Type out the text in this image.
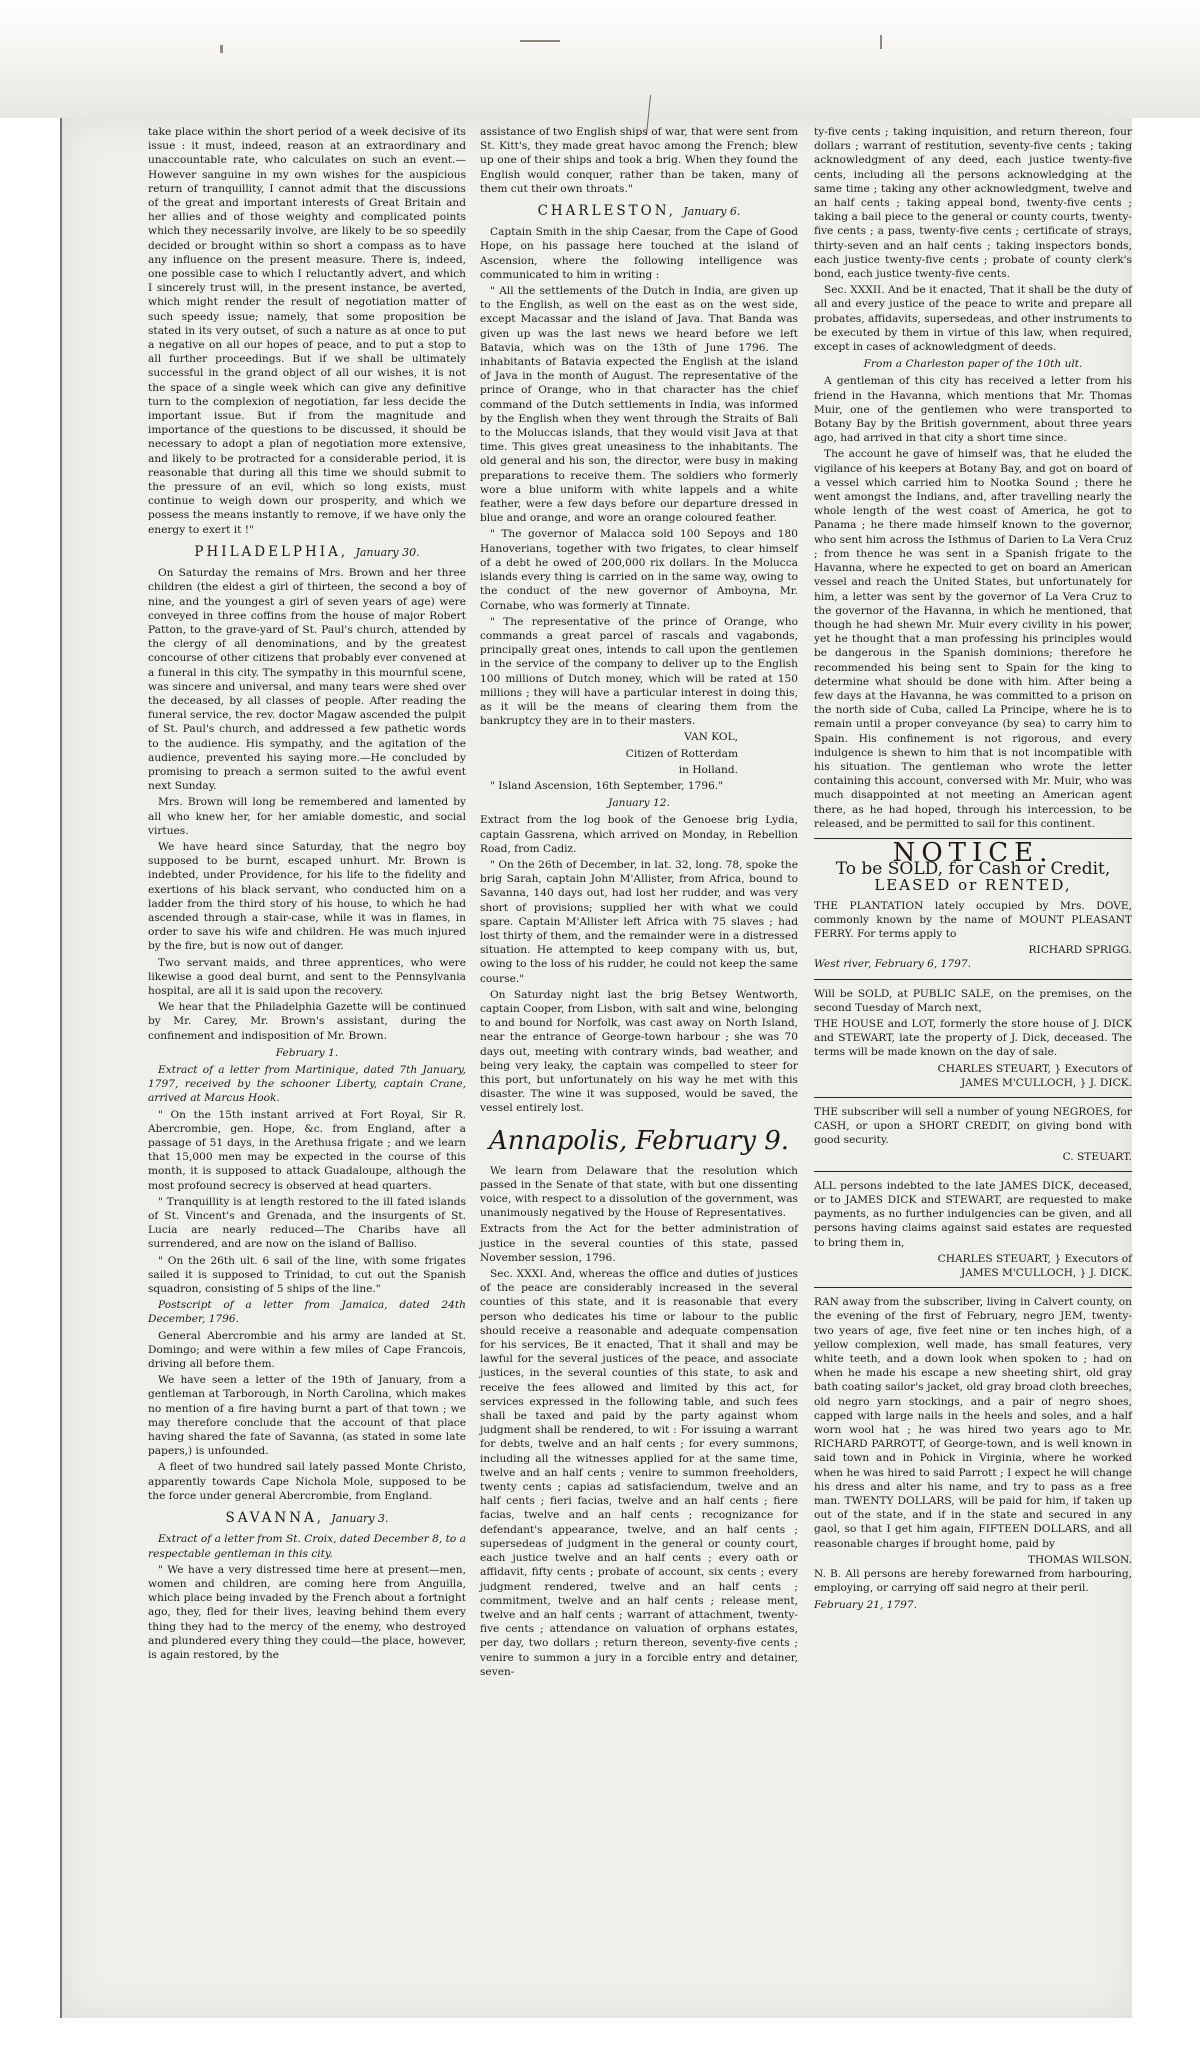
take place within the short period of a week decisive of its issue : it must, indeed, reason at an extraordinary and unaccountable rate, who calculates on such an event.— However sanguine in my own wishes for the auspicious return of tranquillity, I cannot admit that the discussions of the great and important interests of Great Britain and her allies and of those weighty and complicated points which they necessarily involve, are likely to be so speedily decided or brought within so short a compass as to have any influence on the present measure. There is, indeed, one possible case to which I reluctantly advert, and which I sincerely trust will, in the present instance, be averted, which might render the result of negotiation matter of such speedy issue; namely, that some proposition be stated in its very outset, of such a nature as at once to put a negative on all our hopes of peace, and to put a stop to all further proceedings. But if we shall be ultimately successful in the grand object of all our wishes, it is not the space of a single week which can give any definitive turn to the complexion of negotiation, far less decide the important issue. But if from the magnitude and importance of the questions to be discussed, it should be necessary to adopt a plan of negotiation more extensive, and likely to be protracted for a considerable period, it is reasonable that during all this time we should submit to the pressure of an evil, which so long exists, must continue to weigh down our prosperity, and which we possess the means instantly to remove, if we have only the energy to exert it !"

PHILADELPHIA, January 30.

On Saturday the remains of Mrs. Brown and her three children (the eldest a girl of thirteen, the second a boy of nine, and the youngest a girl of seven years of age) were conveyed in three coffins from the house of major Robert Patton, to the grave-yard of St. Paul's church, attended by the clergy of all denominations, and by the greatest concourse of other citizens that probably ever convened at a funeral in this city. The sympathy in this mournful scene, was sincere and universal, and many tears were shed over the deceased, by all classes of people. After reading the funeral service, the rev. doctor Magaw ascended the pulpit of St. Paul's church, and addressed a few pathetic words to the audience. His sympathy, and the agitation of the audience, prevented his saying more.—He concluded by promising to preach a sermon suited to the awful event next Sunday.

Mrs. Brown will long be remembered and lamented by all who knew her, for her amiable domestic, and social virtues.

We have heard since Saturday, that the negro boy supposed to be burnt, escaped unhurt. Mr. Brown is indebted, under Providence, for his life to the fidelity and exertions of his black servant, who conducted him on a ladder from the third story of his house, to which he had ascended through a stair-case, while it was in flames, in order to save his wife and children. He was much injured by the fire, but is now out of danger.

Two servant maids, and three apprentices, who were likewise a good deal burnt, and sent to the Pennsylvania hospital, are all it is said upon the recovery.

We hear that the Philadelphia Gazette will be continued by Mr. Carey, Mr. Brown's assistant, during the confinement and indisposition of Mr. Brown.

February 1.

Extract of a letter from Martinique, dated 7th January, 1797, received by the schooner Liberty, captain Crane, arrived at Marcus Hook.

" On the 15th instant arrived at Fort Royal, Sir R. Abercrombie, gen. Hope, &c. from England, after a passage of 51 days, in the Arethusa frigate ; and we learn that 15,000 men may be expected in the course of this month, it is supposed to attack Guadaloupe, although the most profound secrecy is observed at head quarters.

" Tranquillity is at length restored to the ill fated islands of St. Vincent's and Grenada, and the insurgents of St. Lucia are nearly reduced—The Charibs have all surrendered, and are now on the island of Balliso.

" On the 26th ult. 6 sail of the line, with some frigates sailed it is supposed to Trinidad, to cut out the Spanish squadron, consisting of 5 ships of the line."

Postscript of a letter from Jamaica, dated 24th December, 1796.

General Abercrombie and his army are landed at St. Domingo; and were within a few miles of Cape Francois, driving all before them.

We have seen a letter of the 19th of January, from a gentleman at Tarborough, in North Carolina, which makes no mention of a fire having burnt a part of that town ; we may therefore conclude that the account of that place having shared the fate of Savanna, (as stated in some late papers,) is unfounded.

A fleet of two hundred sail lately passed Monte Christo, apparently towards Cape Nichola Mole, supposed to be the force under general Abercrombie, from England.

SAVANNA, January 3.

Extract of a letter from St. Croix, dated December 8, to a respectable gentleman in this city.

" We have a very distressed time here at present—men, women and children, are coming here from Anguilla, which place being invaded by the French about a fortnight ago, they, fled for their lives, leaving behind them every thing they had to the mercy of the enemy, who destroyed and plundered every thing they could—the place, however, is again restored, by the

assistance of two English ships of war, that were sent from St. Kitt's, they made great havoc among the French; blew up one of their ships and took a brig. When they found the English would conquer, rather than be taken, many of them cut their own throats."

CHARLESTON, January 6.

Captain Smith in the ship Caesar, from the Cape of Good Hope, on his passage here touched at the island of Ascension, where the following intelligence was communicated to him in writing :

" All the settlements of the Dutch in India, are given up to the English, as well on the east as on the west side, except Macassar and the island of Java. That Banda was given up was the last news we heard before we left Batavia, which was on the 13th of June 1796. The inhabitants of Batavia expected the English at the island of Java in the month of August. The representative of the prince of Orange, who in that character has the chief command of the Dutch settlements in India, was informed by the English when they went through the Straits of Bali to the Moluccas islands, that they would visit Java at that time. This gives great uneasiness to the inhabitants. The old general and his son, the director, were busy in making preparations to receive them. The soldiers who formerly wore a blue uniform with white lappels and a white feather, were a few days before our departure dressed in blue and orange, and wore an orange coloured feather.

" The governor of Malacca sold 100 Sepoys and 180 Hanoverians, together with two frigates, to clear himself of a debt he owed of 200,000 rix dollars. In the Molucca islands every thing is carried on in the same way, owing to the conduct of the new governor of Amboyna, Mr. Cornabe, who was formerly at Tinnate.

" The representative of the prince of Orange, who commands a great parcel of rascals and vagabonds, principally great ones, intends to call upon the gentlemen in the service of the company to deliver up to the English 100 millions of Dutch money, which will be rated at 150 millions ; they will have a particular interest in doing this, as it will be the means of clearing them from the bankruptcy they are in to their masters.

VAN KOL,
Citizen of Rotterdam
in Holland.

" Island Ascension, 16th September, 1796."

January 12.

Extract from the log book of the Genoese brig Lydia, captain Gassrena, which arrived on Monday, in Rebellion Road, from Cadiz.

" On the 26th of December, in lat. 32, long. 78, spoke the brig Sarah, captain John M'Allister, from Africa, bound to Savanna, 140 days out, had lost her rudder, and was very short of provisions; supplied her with what we could spare. Captain M'Allister left Africa with 75 slaves ; had lost thirty of them, and the remainder were in a distressed situation. He attempted to keep company with us, but, owing to the loss of his rudder, he could not keep the same course."

On Saturday night last the brig Betsey Wentworth, captain Cooper, from Lisbon, with salt and wine, belonging to and bound for Norfolk, was cast away on North Island, near the entrance of George-town harbour ; she was 70 days out, meeting with contrary winds, bad weather, and being very leaky, the captain was compelled to steer for this port, but unfortunately on his way he met with this disaster. The wine it was supposed, would be saved, the vessel entirely lost.

Annapolis, February 9.

We learn from Delaware that the resolution which passed in the Senate of that state, with but one dissenting voice, with respect to a dissolution of the government, was unanimously negatived by the House of Representatives.

Extracts from the Act for the better administration of justice in the several counties of this state, passed November session, 1796.

Sec. XXXI. And, whereas the office and duties of justices of the peace are considerably increased in the several counties of this state, and it is reasonable that every person who dedicates his time or labour to the public should receive a reasonable and adequate compensation for his services, Be it enacted, That it shall and may be lawful for the several justices of the peace, and associate justices, in the several counties of this state, to ask and receive the fees allowed and limited by this act, for services expressed in the following table, and such fees shall be taxed and paid by the party against whom judgment shall be rendered, to wit : For issuing a warrant for debts, twelve and an half cents ; for every summons, including all the witnesses applied for at the same time, twelve and an half cents ; venire to summon freeholders, twenty cents ; capias ad satisfaciendum, twelve and an half cents ; fieri facias, twelve and an half cents ; fiere facias, twelve and an half cents ; recognizance for defendant's appearance, twelve, and an half cents ; supersedeas of judgment in the general or county court, each justice twelve and an half cents ; every oath or affidavit, fifty cents ; probate of account, six cents ; every judgment rendered, twelve and an half cents ; commitment, twelve and an half cents ; release ment, twelve and an half cents ; warrant of attachment, twenty-five cents ; attendance on valuation of orphans estates, per day, two dollars ; return thereon, seventy-five cents ; venire to summon a jury in a forcible entry and detainer, seven-

ty-five cents ; taking inquisition, and return thereon, four dollars ; warrant of restitution, seventy-five cents ; taking acknowledgment of any deed, each justice twenty-five cents, including all the persons acknowledging at the same time ; taking any other acknowledgment, twelve and an half cents ; taking appeal bond, twenty-five cents ; taking a bail piece to the general or county courts, twenty-five cents ; a pass, twenty-five cents ; certificate of strays, thirty-seven and an half cents ; taking inspectors bonds, each justice twenty-five cents ; probate of county clerk's bond, each justice twenty-five cents.

Sec. XXXII. And be it enacted, That it shall be the duty of all and every justice of the peace to write and prepare all probates, affidavits, supersedeas, and other instruments to be executed by them in virtue of this law, when required, except in cases of acknowledgment of deeds.

From a Charleston paper of the 10th ult.

A gentleman of this city has received a letter from his friend in the Havanna, which mentions that Mr. Thomas Muir, one of the gentlemen who were transported to Botany Bay by the British government, about three years ago, had arrived in that city a short time since.

The account he gave of himself was, that he eluded the vigilance of his keepers at Botany Bay, and got on board of a vessel which carried him to Nootka Sound ; there he went amongst the Indians, and, after travelling nearly the whole length of the west coast of America, he got to Panama ; he there made himself known to the governor, who sent him across the Isthmus of Darien to La Vera Cruz ; from thence he was sent in a Spanish frigate to the Havanna, where he expected to get on board an American vessel and reach the United States, but unfortunately for him, a letter was sent by the governor of La Vera Cruz to the governor of the Havanna, in which he mentioned, that though he had shewn Mr. Muir every civility in his power, yet he thought that a man professing his principles would be dangerous in the Spanish dominions; therefore he recommended his being sent to Spain for the king to determine what should be done with him. After being a few days at the Havanna, he was committed to a prison on the north side of Cuba, called La Principe, where he is to remain until a proper conveyance (by sea) to carry him to Spain. His confinement is not rigorous, and every indulgence is shewn to him that is not incompatible with his situation. The gentleman who wrote the letter containing this account, conversed with Mr. Muir, who was much disappointed at not meeting an American agent there, as he had hoped, through his intercession, to be released, and be permitted to sail for this continent.

NOTICE.
To be SOLD, for Cash or Credit,
LEASED or RENTED,

THE PLANTATION lately occupied by Mrs. DOVE, commonly known by the name of MOUNT PLEASANT FERRY. For terms apply to

RICHARD SPRIGG.

West river, February 6, 1797.

Will be SOLD, at PUBLIC SALE, on the premises, on the second Tuesday of March next,

THE HOUSE and LOT, formerly the store house of J. DICK and STEWART, late the property of J. Dick, deceased. The terms will be made known on the day of sale.

CHARLES STEUART, } Executors of
JAMES M'CULLOCH, } J. DICK.

THE subscriber will sell a number of young NEGROES, for CASH, or upon a SHORT CREDIT, on giving bond with good security.

C. STEUART.

ALL persons indebted to the late JAMES DICK, deceased, or to JAMES DICK and STEWART, are requested to make payments, as no further indulgencies can be given, and all persons having claims against said estates are requested to bring them in,

CHARLES STEUART, } Executors of
JAMES M'CULLOCH, } J. DICK.

RAN away from the subscriber, living in Calvert county, on the evening of the first of February, negro JEM, twenty-two years of age, five feet nine or ten inches high, of a yellow complexion, well made, has small features, very white teeth, and a down look when spoken to ; had on when he made his escape a new sheeting shirt, old gray bath coating sailor's jacket, old gray broad cloth breeches, old negro yarn stockings, and a pair of negro shoes, capped with large nails in the heels and soles, and a half worn wool hat ; he was hired two years ago to Mr. RICHARD PARROTT, of George-town, and is well known in said town and in Pohick in Virginia, where he worked when he was hired to said Parrott ; I expect he will change his dress and alter his name, and try to pass as a free man. TWENTY DOLLARS, will be paid for him, if taken up out of the state, and if in the state and secured in any gaol, so that I get him again, FIFTEEN DOLLARS, and all reasonable charges if brought home, paid by

THOMAS WILSON.

N. B. All persons are hereby forewarned from harbouring, employing, or carrying off said negro at their peril.

February 21, 1797.
